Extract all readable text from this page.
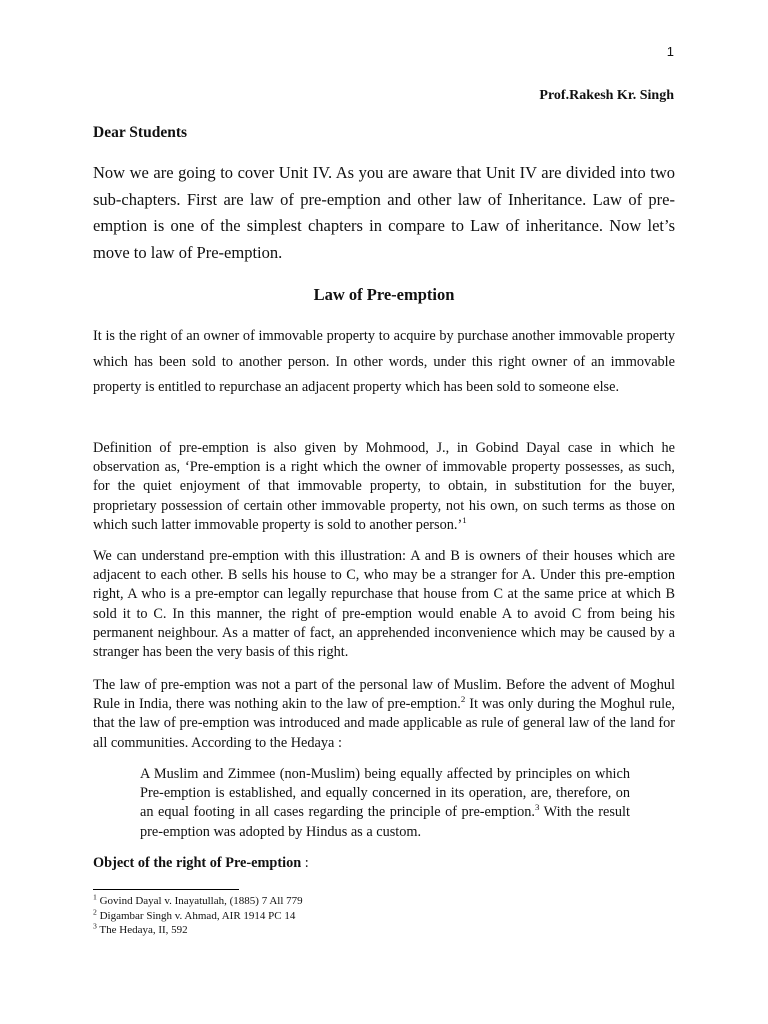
1
Prof.Rakesh Kr. Singh
Dear Students
Now we are going to cover Unit IV. As you are aware that Unit IV are divided into two sub-chapters. First are law of pre-emption and other law of Inheritance. Law of pre-emption is one of the simplest chapters in compare to Law of inheritance. Now let’s move to law of Pre-emption.
Law of Pre-emption
It is the right of an owner of immovable property to acquire by purchase another immovable property which has been sold to another person. In other words, under this right owner of an immovable property is entitled to repurchase an adjacent property which has been sold to someone else.
Definition of pre-emption is also given by Mohmood, J., in Gobind Dayal case in which he observation as, ‘Pre-emption is a right which the owner of immovable property possesses, as such, for the quiet enjoyment of that immovable property, to obtain, in substitution for the buyer, proprietary possession of certain other immovable property, not his own, on such terms as those on which such latter immovable property is sold to another person.’$^1$
We can understand pre-emption with this illustration: A and B is owners of their houses which are adjacent to each other. B sells his house to C, who may be a stranger for A. Under this pre-emption right, A who is a pre-emptor can legally repurchase that house from C at the same price at which B sold it to C. In this manner, the right of pre-emption would enable A to avoid C from being his permanent neighbour. As a matter of fact, an apprehended inconvenience which may be caused by a stranger has been the very basis of this right.
The law of pre-emption was not a part of the personal law of Muslim. Before the advent of Moghul Rule in India, there was nothing akin to the law of pre-emption.$^2$ It was only during the Moghul rule, that the law of pre-emption was introduced and made applicable as rule of general law of the land for all communities. According to the Hedaya :
A Muslim and Zimmee (non-Muslim) being equally affected by principles on which Pre-emption is established, and equally concerned in its operation, are, therefore, on an equal footing in all cases regarding the principle of pre-emption.$^3$ With the result pre-emption was adopted by Hindus as a custom.
Object of the right of Pre-emption :
$^1$ Govind Dayal v. Inayatullah, (1885) 7 All 779
$^2$ Digambar Singh v. Ahmad, AIR 1914 PC 14
$^3$ The Hedaya, II, 592
